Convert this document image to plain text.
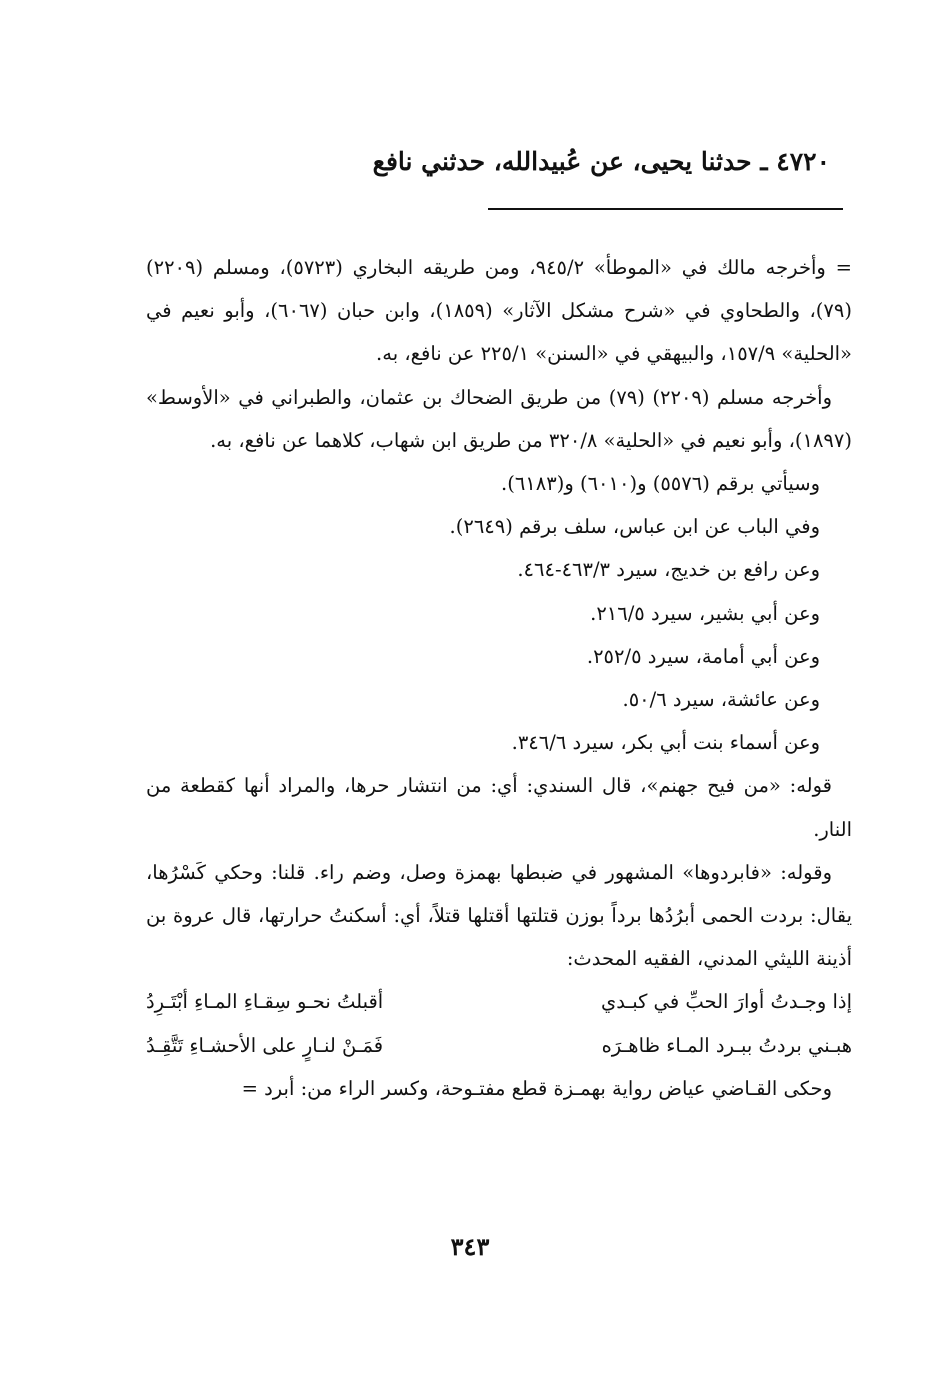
٤٧٢٠ ـ حدثنا يحيى، عن عُبيدالله، حدثني نافع

= وأخرجه مالك في «الموطأ» ٩٤٥/٢، ومن طريقه البخاري (٥٧٢٣)، ومسلم (٢٢٠٩) (٧٩)، والطحاوي في «شرح مشكل الآثار» (١٨٥٩)، وابن حبان (٦٠٦٧)، وأبو نعيم في «الحلية» ١٥٧/٩، والبيهقي في «السنن» ٢٢٥/١ عن نافع، به.

وأخرجه مسلم (٢٢٠٩) (٧٩) من طريق الضحاك بن عثمان، والطبراني في «الأوسط» (١٨٩٧)، وأبو نعيم في «الحلية» ٣٢٠/٨ من طريق ابن شهاب، كلاهما عن نافع، به.

وسيأتي برقم (٥٥٧٦) و(٦٠١٠) و(٦١٨٣).

وفي الباب عن ابن عباس، سلف برقم (٢٦٤٩).

وعن رافع بن خديج، سيرد ٤٦٣/٣-٤٦٤.

وعن أبي بشير، سيرد ٢١٦/٥.

وعن أبي أمامة، سيرد ٢٥٢/٥.

وعن عائشة، سيرد ٥٠/٦.

وعن أسماء بنت أبي بكر، سيرد ٣٤٦/٦.

قوله: «من فيح جهنم»، قال السندي: أي: من انتشار حرها، والمراد أنها كقطعة من النار.

وقوله: «فابردوها» المشهور في ضبطها بهمزة وصل، وضم راء. قلنا: وحكي كَسْرُها، يقال: بردت الحمى أبرُدُها برداً بوزن قتلتها أقتلها قتلاً، أي: أسكنتُ حرارتها، قال عروة بن أذينة الليثي المدني، الفقيه المحدث:

إذا وجـدتُ أوارَ الحبِّ في كبـدي
أقبلتُ نحـو سِقـاءِ المـاءِ أبْتَـرِدُ
هبـني بردتُ ببـرد المـاء ظاهـرَه
فَمَـنْ لنـارٍ على الأحشـاءِ تَتَّقِـدُ

وحكى القـاضي عياض رواية بهمـزة قطع مفتـوحة، وكسر الراء من: أبرد =

٣٤٣
